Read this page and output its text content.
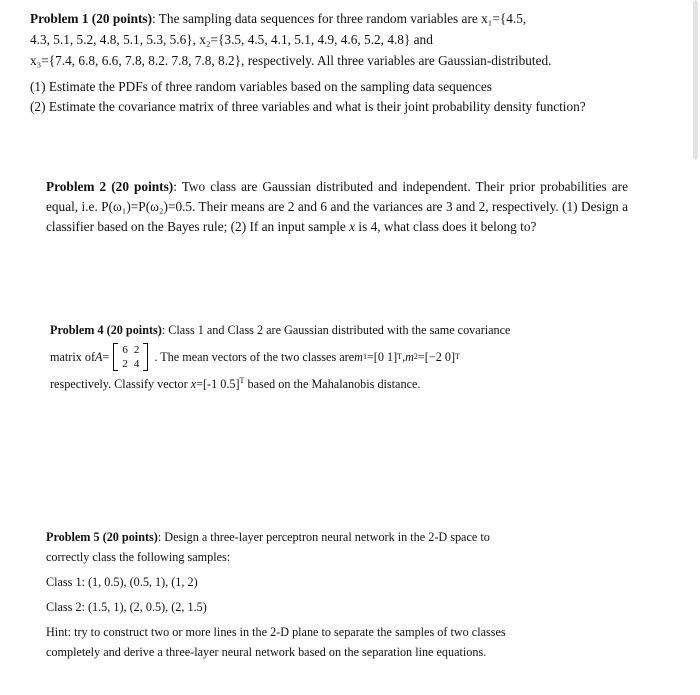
Problem 1 (20 points): The sampling data sequences for three random variables are x₁={4.5,
4.3, 5.1, 5.2, 4.8, 5.1, 5.3, 5.6}, x₂={3.5, 4.5, 4.1, 5.1, 4.9, 4.6, 5.2, 4.8} and
x₃={7.4, 6.8, 6.6, 7.8, 8.2. 7.8, 7.8, 8.2}, respectively. All three variables are Gaussian-distributed.
(1) Estimate the PDFs of three random variables based on the sampling data sequences
(2) Estimate the covariance matrix of three variables and what is their joint probability density function?
Problem 2 (20 points): Two class are Gaussian distributed and independent. Their prior probabilities are equal, i.e. P(ω₁)=P(ω₂)=0.5. Their means are 2 and 6 and the variances are 3 and 2, respectively. (1) Design a classifier based on the Bayes rule; (2) If an input sample x is 4, what class does it belong to?
Problem 4 (20 points): Class 1 and Class 2 are Gaussian distributed with the same covariance
matrix of A = 6	2
2	4 . The mean vectors of the two classes are m 1 =[0 1] T , m 2 =[−2 0] T
respectively. Classify vector x=[-1 0.5]$^T$ based on the Mahalanobis distance.
Problem 5 (20 points): Design a three-layer perceptron neural network in the 2-D space to
correctly class the following samples:
Class 1: (1, 0.5), (0.5, 1), (1, 2)
Class 2: (1.5, 1), (2, 0.5), (2, 1.5)
Hint: try to construct two or more lines in the 2-D plane to separate the samples of two classes
completely and derive a three-layer neural network based on the separation line equations.
